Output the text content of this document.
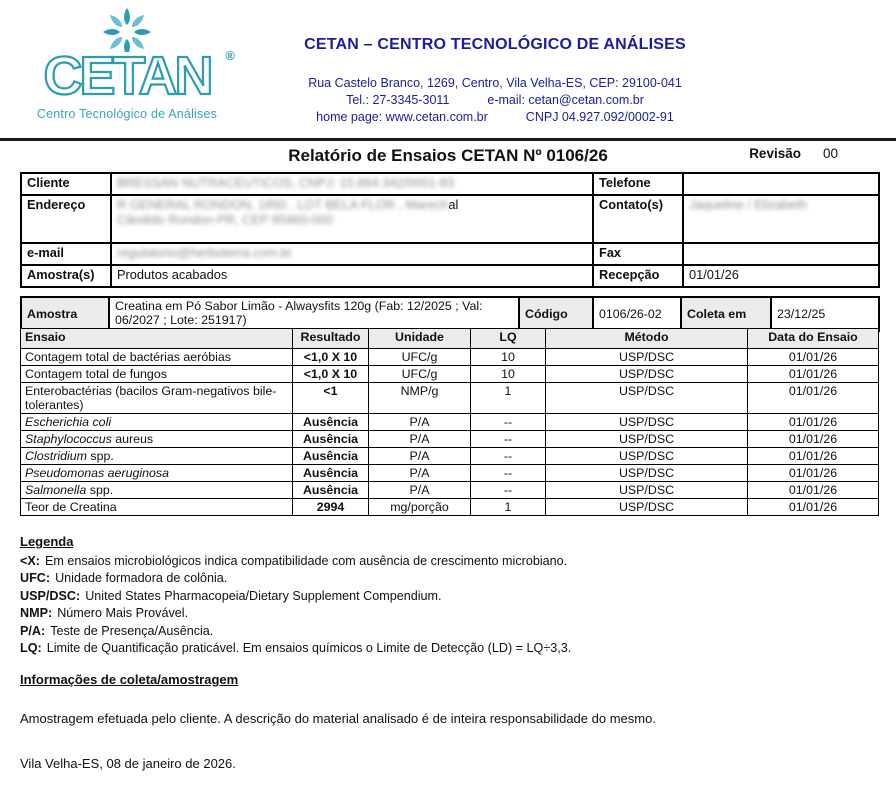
CETAN ®
Centro Tecnológico de Análises
CETAN – CENTRO TECNOLÓGICO DE ANÁLISES
Rua Castelo Branco, 1269, Centro, Vila Velha-ES, CEP: 29100-041
Tel.: 27-3345-3011	e-mail: cetan@cetan.com.br
home page: www.cetan.com.br	CNPJ 04.927.092/0002-91
Relatório de Ensaios CETAN Nº 0106/26	Revisão 00
Cliente	BRESSAN NUTRACEUTICOS, CNPJ: 15.864.342/0001-83	Telefone	
Endereço	R GENERAL RONDON, 1850 , LOT BELA FLOR , Marechal
Cândido Rondon-PR, CEP 85960-000	Contato(s)	Jaqueline / Elizabeth
e-mail	regulatorio@herboterra.com.br	Fax	
Amostra(s)	Produtos acabados	Recepção	01/01/26
Amostra	Creatina em Pó Sabor Limão - Alwaysfits 120g (Fab: 12/2025 ; Val: 06/2027 ; Lote: 251917)	Código	0106/26-02	Coleta em	23/12/25
Ensaio	Resultado	Unidade	LQ	Método	Data do Ensaio
Contagem total de bactérias aeróbias	<1,0 X 10	UFC/g	10	USP/DSC	01/01/26
Contagem total de fungos	<1,0 X 10	UFC/g	10	USP/DSC	01/01/26
Enterobactérias (bacilos Gram-negativos bile-tolerantes)	<1	NMP/g	1	USP/DSC	01/01/26
Escherichia coli	Ausência	P/A	--	USP/DSC	01/01/26
Staphylococcus aureus	Ausência	P/A	--	USP/DSC	01/01/26
Clostridium spp.	Ausência	P/A	--	USP/DSC	01/01/26
Pseudomonas aeruginosa	Ausência	P/A	--	USP/DSC	01/01/26
Salmonella spp.	Ausência	P/A	--	USP/DSC	01/01/26
Teor de Creatina	2994	mg/porção	1	USP/DSC	01/01/26
Legenda
<X: Em ensaios microbiológicos indica compatibilidade com ausência de crescimento microbiano.
UFC: Unidade formadora de colônia.
USP/DSC: United States Pharmacopeia/Dietary Supplement Compendium.
NMP: Número Mais Provável.
P/A: Teste de Presença/Ausência.
LQ: Limite de Quantificação praticável. Em ensaios químicos o Limite de Detecção (LD) = LQ÷3,3.
Informações de coleta/amostragem
Amostragem efetuada pelo cliente. A descrição do material analisado é de inteira responsabilidade do mesmo.
Vila Velha-ES, 08 de janeiro de 2026.
